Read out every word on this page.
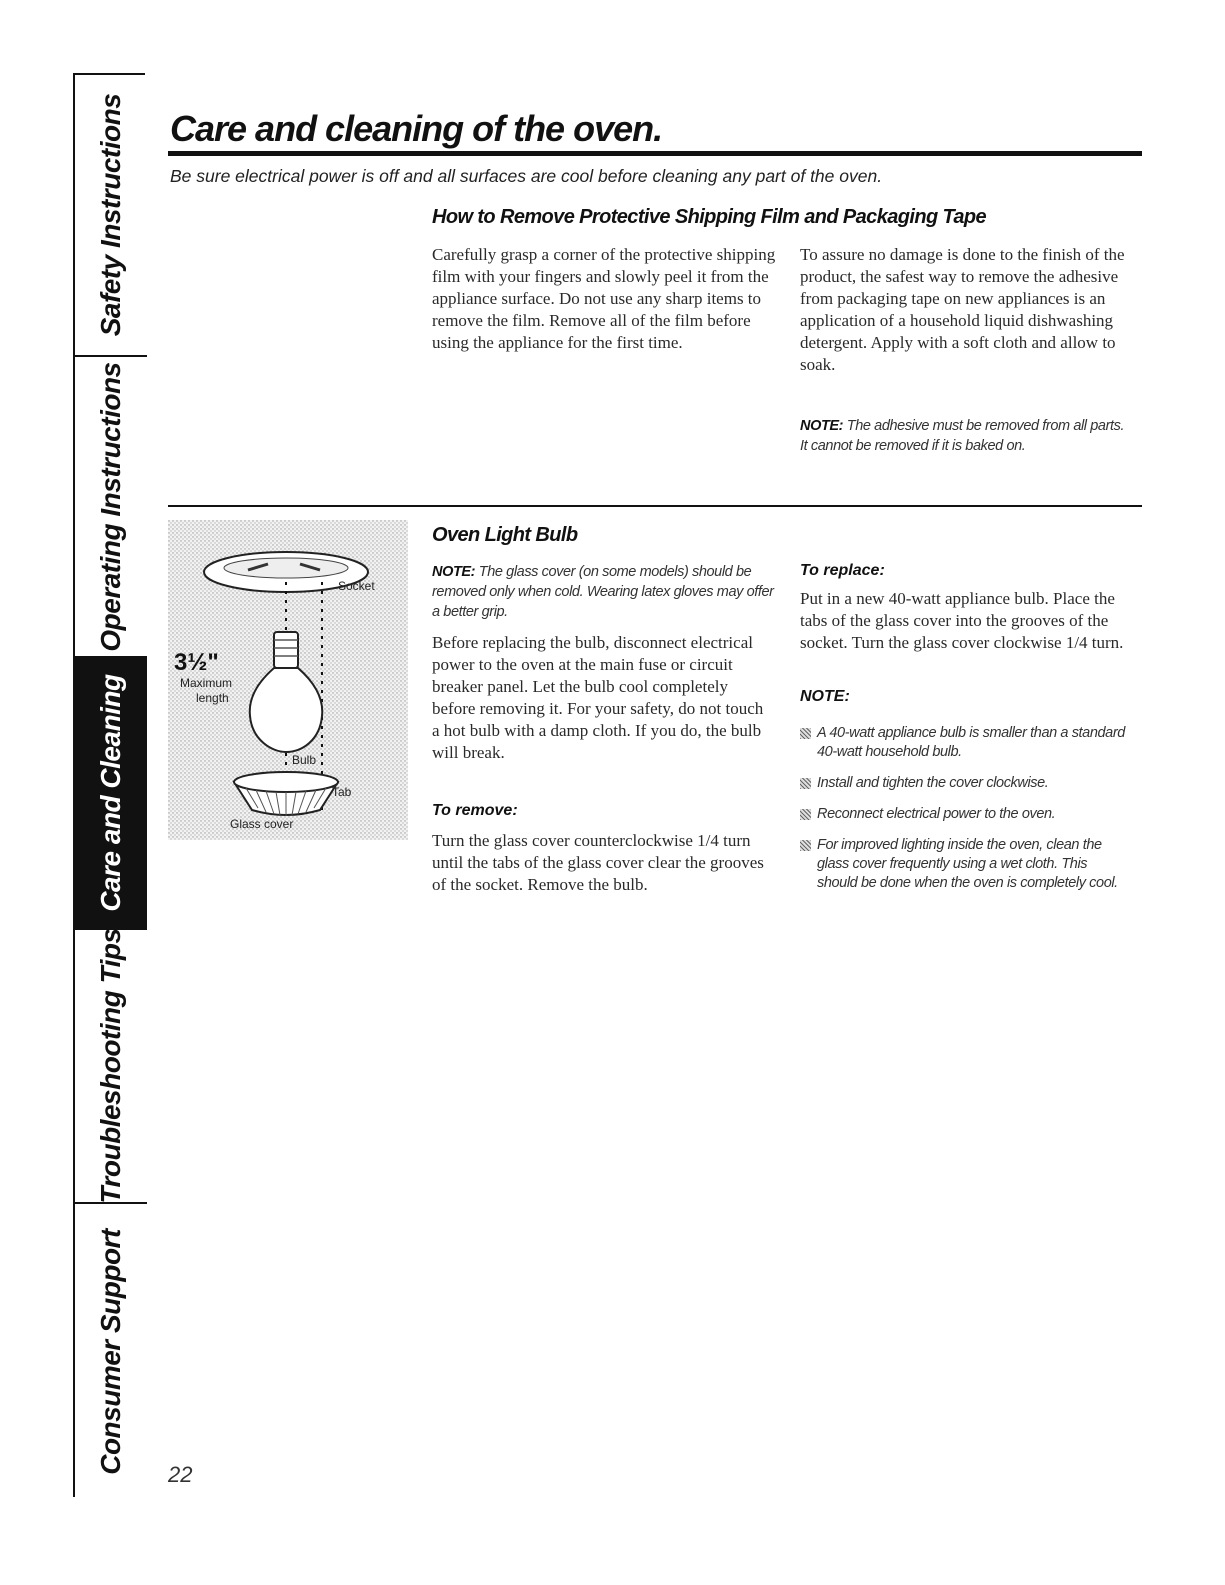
Safety Instructions
Operating Instructions
Care and Cleaning
Troubleshooting Tips
Consumer Support
Care and cleaning of the oven.
Be sure electrical power is off and all surfaces are cool before cleaning any part of the oven.
How to Remove Protective Shipping Film and Packaging Tape

Carefully grasp a corner of the protective shipping film with your fingers and slowly peel it from the appliance surface. Do not use any sharp items to remove the film. Remove all of the film before using the appliance for the first time.

To assure no damage is done to the finish of the product, the safest way to remove the adhesive from packaging tape on new appliances is an application of a household liquid dishwashing detergent. Apply with a soft cloth and allow to soak.

NOTE: The adhesive must be removed from all parts. It cannot be removed if it is baked on.

Socket
3½"
Maximum
length
Bulb
Tab
Glass cover
Oven Light Bulb

NOTE: The glass cover (on some models) should be removed only when cold. Wearing latex gloves may offer a better grip.

Before replacing the bulb, disconnect electrical power to the oven at the main fuse or circuit breaker panel. Let the bulb cool completely before removing it. For your safety, do not touch a hot bulb with a damp cloth. If you do, the bulb will break.

To remove:

Turn the glass cover counterclockwise 1/4 turn until the tabs of the glass cover clear the grooves of the socket. Remove the bulb.

To replace:

Put in a new 40-watt appliance bulb. Place the tabs of the glass cover into the grooves of the socket. Turn the glass cover clockwise 1/4 turn.

NOTE:
A 40-watt appliance bulb is smaller than a standard 40-watt household bulb.
Install and tighten the cover clockwise.
Reconnect electrical power to the oven.
For improved lighting inside the oven, clean the glass cover frequently using a wet cloth. This should be done when the oven is completely cool.
22
